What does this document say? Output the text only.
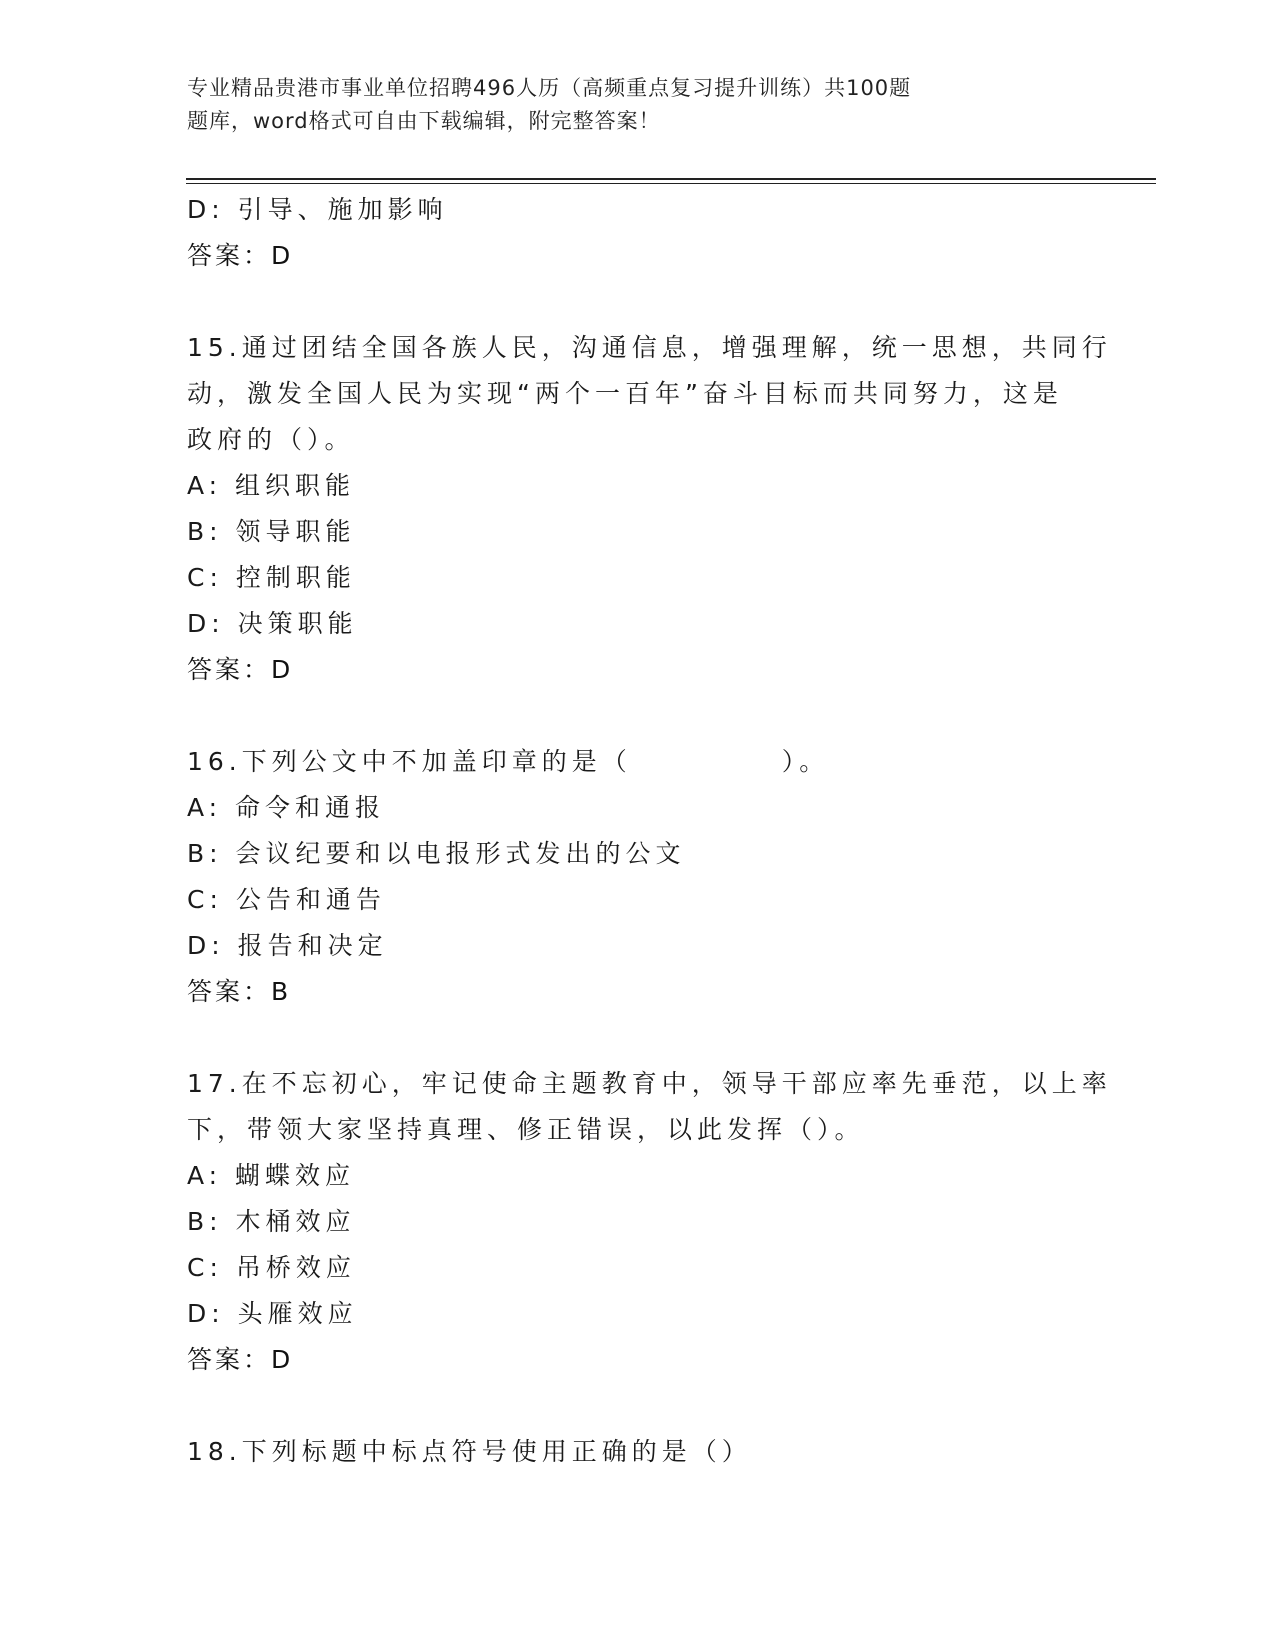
专业精品贵港市事业单位招聘496人历（高频重点复习提升训练）共100题
题库，word格式可自由下载编辑，附完整答案！
D: 引导、施加影响
答案：D
15.通过团结全国各族人民，沟通信息，增强理解，统一思想，共同行
动，激发全国人民为实现“两个一百年”奋斗目标而共同努力，这是
政府的（）。
A: 组织职能
B: 领导职能
C: 控制职能
D: 决策职能
答案：D
16.下列公文中不加盖印章的是（　　　　　）。
A: 命令和通报
B: 会议纪要和以电报形式发出的公文
C: 公告和通告
D: 报告和决定
答案：B
17.在不忘初心，牢记使命主题教育中，领导干部应率先垂范，以上率
下，带领大家坚持真理、修正错误，以此发挥（）。
A: 蝴蝶效应
B: 木桶效应
C: 吊桥效应
D: 头雁效应
答案：D
18.下列标题中标点符号使用正确的是（）
